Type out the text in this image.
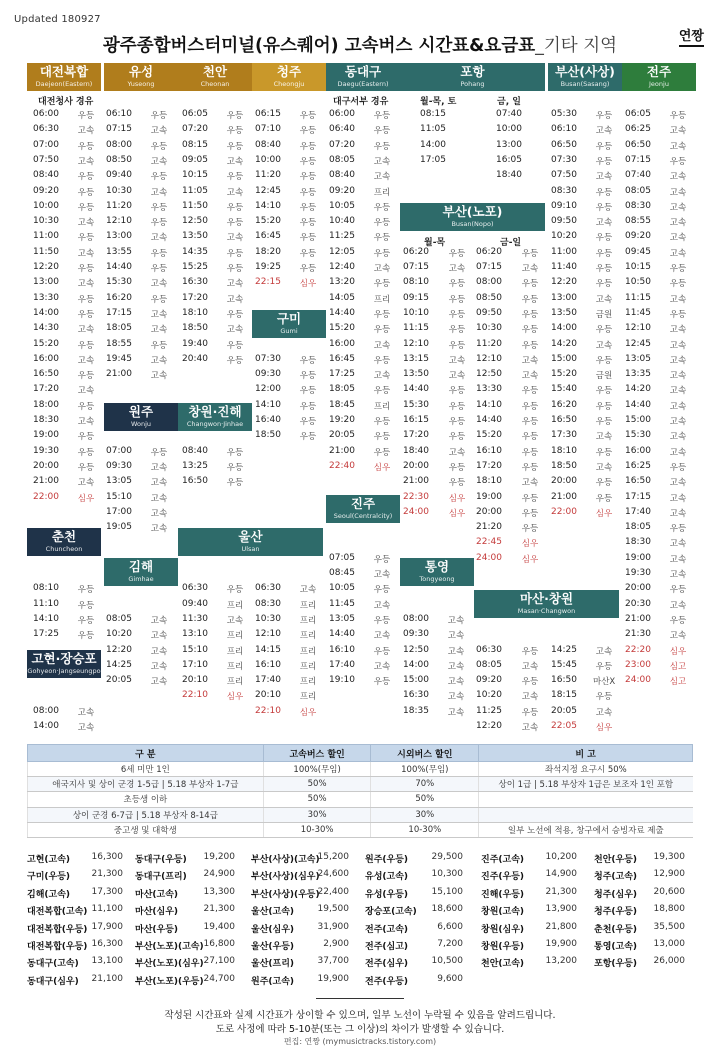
Updated 180927
광주종합버스터미널(유스퀘어) 고속버스 시간표&요금표_기타 지역	연짱
대전복합
Daejeon(Eastern)
유성
Yuseong
천안
Cheonan
청주
Cheongju
동대구
Daegu(Eastern)
포항
Pohang
부산(사상)
Busan(Sasang)
전주
Jeonju
대전청사 경유	대구서부 경유	월-목, 토	금, 일
06:00	우등
06:30	고속
07:00	우등
07:50	고속
08:40	우등
09:20	우등
10:00	우등
10:30	고속
11:00	우등
11:50	고속
12:20	우등
13:00	고속
13:30	우등
14:00	우등
14:30	고속
15:20	우등
16:00	고속
16:50	우등
17:20	고속
18:00	우등
18:30	고속
19:00	우등
19:30	우등
20:00	우등
21:00	고속
22:00	심우
06:10	우등
07:15	고속
08:00	우등
08:50	고속
09:40	우등
10:30	고속
11:20	우등
12:10	우등
13:00	고속
13:55	우등
14:40	우등
15:30	고속
16:20	우등
17:15	고속
18:05	고속
18:55	우등
19:45	고속
21:00	고속
06:05	우등
07:20	우등
08:15	우등
09:05	고속
10:15	우등
11:05	고속
11:50	우등
12:50	우등
13:50	고속
14:35	우등
15:25	우등
16:30	고속
17:20	고속
18:10	우등
18:50	고속
19:40	우등
20:40	우등
06:15	우등
07:10	우등
08:40	우등
10:00	우등
11:20	우등
12:45	우등
14:10	우등
15:20	우등
16:45	우등
18:20	우등
19:25	우등
22:15	심우
06:00	우등
06:40	우등
07:20	우등
08:05	고속
08:40	고속
09:20	프리
10:05	우등
10:40	우등
11:25	우등
12:05	우등
12:40	고속
13:20	우등
14:05	프리
14:40	우등
15:20	우등
16:00	고속
16:45	우등
17:25	고속
18:05	우등
18:45	프리
19:20	우등
20:05	우등
21:00	우등
22:40	심우
08:15
11:05
14:00
17:05
07:40
10:00
13:00
16:05
18:40
05:30	우등
06:10	고속
06:50	우등
07:30	우등
07:50	고속
08:30	우등
09:10	우등
09:50	고속
10:20	우등
11:00	우등
11:40	우등
12:20	우등
13:00	고속
13:50	금원
14:00	우등
14:20	고속
15:00	우등
15:20	금원
15:40	우등
16:20	우등
16:50	우등
17:30	고속
18:10	우등
18:50	고속
20:00	우등
21:00	우등
22:00	심우
06:05	우등
06:25	고속
06:50	고속
07:15	우등
07:40	고속
08:05	고속
08:30	고속
08:55	고속
09:20	고속
09:45	고속
10:15	우등
10:50	우등
11:15	고속
11:45	우등
12:10	고속
12:45	고속
13:05	고속
13:35	고속
14:20	고속
14:40	고속
15:00	고속
15:30	고속
16:00	고속
16:25	우등
16:50	고속
17:15	고속
17:40	고속
18:05	우등
18:30	고속
19:00	고속
19:30	고속
20:00	우등
20:30	고속
21:00	우등
21:30	고속
22:20	심우
23:00	심고
24:00	심고
원주
Wonju
07:00	우등
09:30	고속
13:05	고속
15:10	고속
17:00	고속
19:05	고속
창원·진해
Changwon·Jinhae
08:40	우등
13:25	우등
16:50	우등
구미
Gumi
07:30	우등
09:30	우등
12:00	우등
14:10	우등
16:40	우등
18:50	우등
부산(노포)
Busan(Nopo)
월-목	금-일
06:20	우등
07:15	고속
08:10	우등
09:15	우등
10:10	우등
11:15	우등
12:10	우등
13:15	고속
13:50	고속
14:40	우등
15:30	우등
16:15	우등
17:20	우등
18:40	고속
20:00	우등
21:00	우등
22:30	심우
24:00	심우
06:20	우등
07:15	고속
08:00	우등
08:50	우등
09:50	우등
10:30	우등
11:20	우등
12:10	고속
12:50	고속
13:30	우등
14:10	우등
14:40	우등
15:20	우등
16:10	우등
17:20	우등
18:10	고속
19:00	우등
20:00	우등
21:20	우등
22:45	심우
24:00	심우
춘천
Chuncheon
08:10	우등
11:10	우등
14:10	우등
17:25	우등
김해
Gimhae
08:05	고속
10:20	고속
12:20	고속
14:25	고속
20:05	고속
울산
Ulsan
06:30	우등
09:40	프리
11:30	고속
13:10	프리
15:10	프리
17:10	프리
20:10	프리
22:10	심우
06:30	고속
08:30	프리
10:30	프리
12:10	프리
14:15	프리
16:10	프리
17:40	프리
20:10	프리
22:10	심우
진주
Seoul(Centralcity)
07:05	우등
08:45	고속
10:05	우등
11:45	고속
13:05	우등
14:40	고속
16:10	우등
17:40	고속
19:10	우등
고현·장승포
Gohyeon·Jangseungpo
08:00	고속
14:00	고속
통영
Tongyeong
08:00	고속
09:30	고속
12:50	고속
14:00	고속
15:00	고속
16:30	고속
18:35	고속
마산·창원
Masan·Changwon
06:30	우등
08:05	고속
09:20	우등
10:20	고속
11:25	우등
12:20	고속
14:25	고속
15:45	우등
16:50 마산X
18:15	우등
20:05	고속
22:05	심우
구 분	고속버스 할인	시외버스 할인	비 고
6세 미만 1인	100%(무임)	100%(무임)	좌석지정 요구시 50%
애국지사 및 상이 군경 1-5급 | 5.18 부상자 1-7급	50%	70%	상이 1급 | 5.18 부상자 1급은 보조자 1인 포함
초등생 이하	50%	50%	
상이 군경 6-7급 | 5.18 부상자 8-14급	30%	30%	
중고생 및 대학생	10-30%	10-30%	일부 노선에 적용, 창구에서 승빙자료 제출
고현(고속) 16,300
구미(우등) 21,300
김해(고속) 17,300
대전복합(고속) 11,100
대전복합(우등) 17,900
대전복합(우등) 16,300
동대구(고속) 13,100
동대구(심우) 21,100
동대구(우등) 19,200
동대구(프리) 24,900
마산(고속)	13,300
마산(심우)	21,300
마산(우등)	19,400
부산(노포)(고속) 16,800
부산(노포)(심우) 27,100
부산(노포)(우등) 24,700
부산(사상)(고속)
15,200
부산(사상)(심우)
24,600
부산(사상)(우등)
22,400
울산(고속)	19,500
울산(심우)	31,900
울산(우등)	2,900
울산(프리)	37,700
원주(고속)	19,900
원주(우등)	29,500
유성(고속)	10,300
유성(우등)	15,100
장승포(고속) 18,600
전주(고속)	6,600
전주(심고)	7,200
전주(심우)	10,500
전주(우등)	9,600
진주(고속) 10,200
진주(우등) 14,900
진해(우등) 21,300
창원(고속) 13,900
창원(심우) 21,800
창원(우등) 19,900
천안(고속) 13,200
천안(우등) 19,300
청주(고속) 12,900
청주(심우) 20,600
청주(우등) 18,800
춘천(우등) 35,500
통영(고속) 13,000
포항(우등) 26,000
작성된 시간표와 실제 시간표가 상이할 수 있으며, 일부 노선이 누락될 수 있음을 알려드립니다.
도로 사정에 따라 5-10분(또는 그 이상)의 차이가 발생할 수 있습니다.
편집: 연짱 (mymusictracks.tistory.com)
